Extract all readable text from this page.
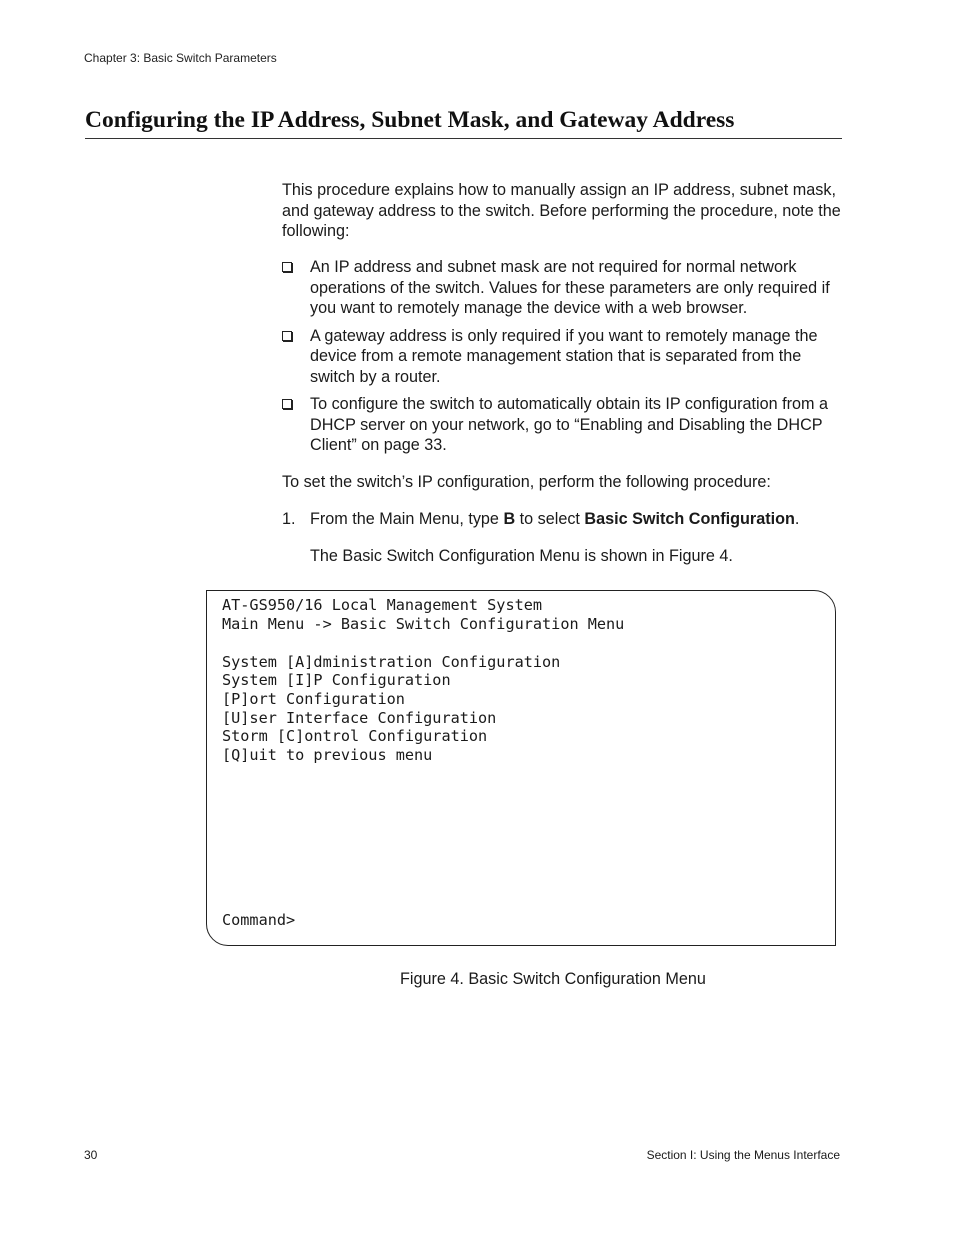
Chapter 3: Basic Switch Parameters
Configuring the IP Address, Subnet Mask, and Gateway Address
This procedure explains how to manually assign an IP address, subnet mask, and gateway address to the switch. Before performing the procedure, note the following:
An IP address and subnet mask are not required for normal network operations of the switch. Values for these parameters are only required if you want to remotely manage the device with a web browser.
A gateway address is only required if you want to remotely manage the device from a remote management station that is separated from the switch by a router.
To configure the switch to automatically obtain its IP configuration from a DHCP server on your network, go to “Enabling and Disabling the DHCP Client” on page 33.
To set the switch’s IP configuration, perform the following procedure:
1. From the Main Menu, type B to select Basic Switch Configuration.
The Basic Switch Configuration Menu is shown in Figure 4.
AT-GS950/16 Local Management System
Main Menu -> Basic Switch Configuration Menu
System [A]dministration Configuration
System [I]P Configuration
[P]ort Configuration
[U]ser Interface Configuration
Storm [C]ontrol Configuration
[Q]uit to previous menu
Command>
Figure 4. Basic Switch Configuration Menu
30	Section I: Using the Menus Interface
